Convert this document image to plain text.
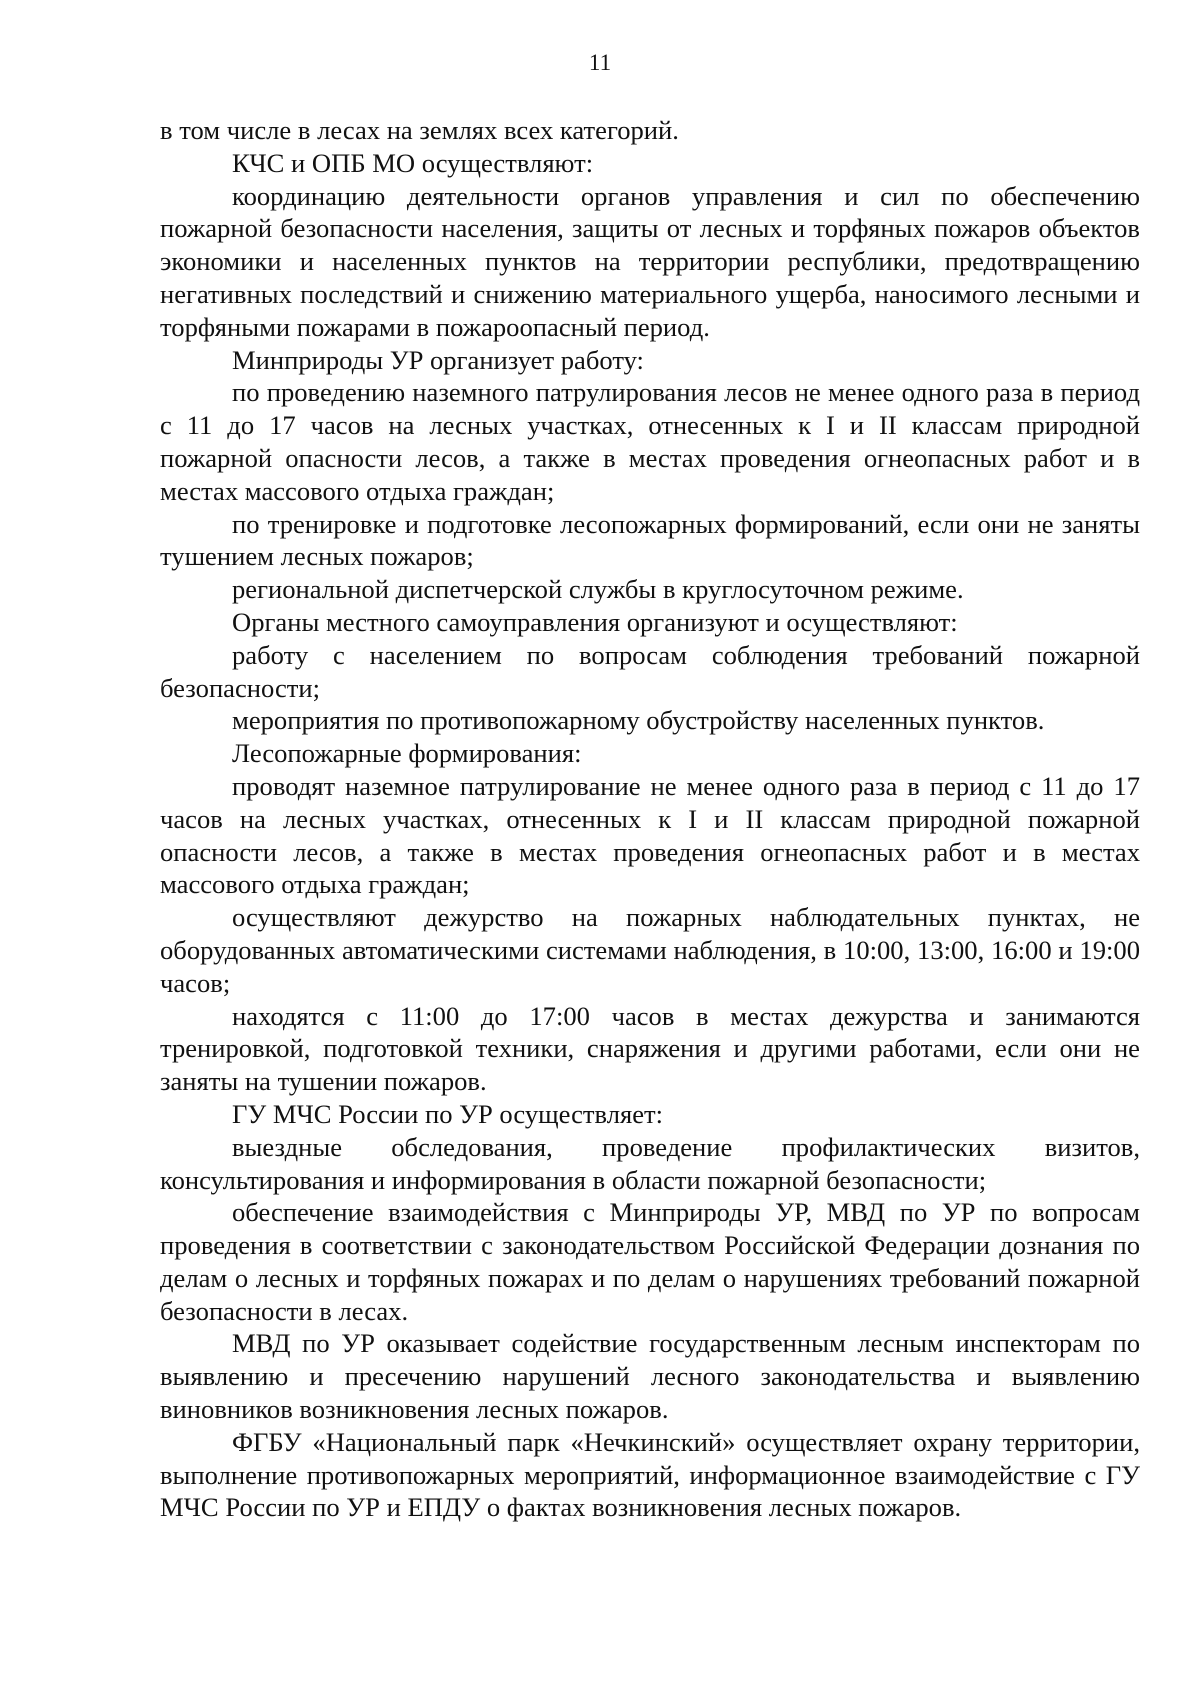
11

в том числе в лесах на землях всех категорий.

КЧС и ОПБ МО осуществляют:

координацию деятельности органов управления и сил по обеспечению пожарной безопасности населения, защиты от лесных и торфяных пожаров объектов экономики и населенных пунктов на территории республики, предотвращению негативных последствий и снижению материального ущерба, наносимого лесными и торфяными пожарами в пожароопасный период.

Минприроды УР организует работу:

по проведению наземного патрулирования лесов не менее одного раза в период с 11 до 17 часов на лесных участках, отнесенных к I и II классам природной пожарной опасности лесов, а также в местах проведения огнеопасных работ и в местах массового отдыха граждан;

по тренировке и подготовке лесопожарных формирований, если они не заняты тушением лесных пожаров;

региональной диспетчерской службы в круглосуточном режиме.

Органы местного самоуправления организуют и осуществляют:

работу с населением по вопросам соблюдения требований пожарной безопасности;

мероприятия по противопожарному обустройству населенных пунктов.

Лесопожарные формирования:

проводят наземное патрулирование не менее одного раза в период с 11 до 17 часов на лесных участках, отнесенных к I и II классам природной пожарной опасности лесов, а также в местах проведения огнеопасных работ и в местах массового отдыха граждан;

осуществляют дежурство на пожарных наблюдательных пунктах, не оборудованных автоматическими системами наблюдения, в 10:00, 13:00, 16:00 и 19:00 часов;

находятся с 11:00 до 17:00 часов в местах дежурства и занимаются тренировкой, подготовкой техники, снаряжения и другими работами, если они не заняты на тушении пожаров.

ГУ МЧС России по УР осуществляет:

выездные обследования, проведение профилактических визитов, консультирования и информирования в области пожарной безопасности;

обеспечение взаимодействия с Минприроды УР, МВД по УР по вопросам проведения в соответствии с законодательством Российской Федерации дознания по делам о лесных и торфяных пожарах и по делам о нарушениях требований пожарной безопасности в лесах.

МВД по УР оказывает содействие государственным лесным инспекторам по выявлению и пресечению нарушений лесного законодательства и выявлению виновников возникновения лесных пожаров.

ФГБУ «Национальный парк «Нечкинский» осуществляет охрану территории, выполнение противопожарных мероприятий, информационное взаимодействие с ГУ МЧС России по УР и ЕПДУ о фактах возникновения лесных пожаров.
